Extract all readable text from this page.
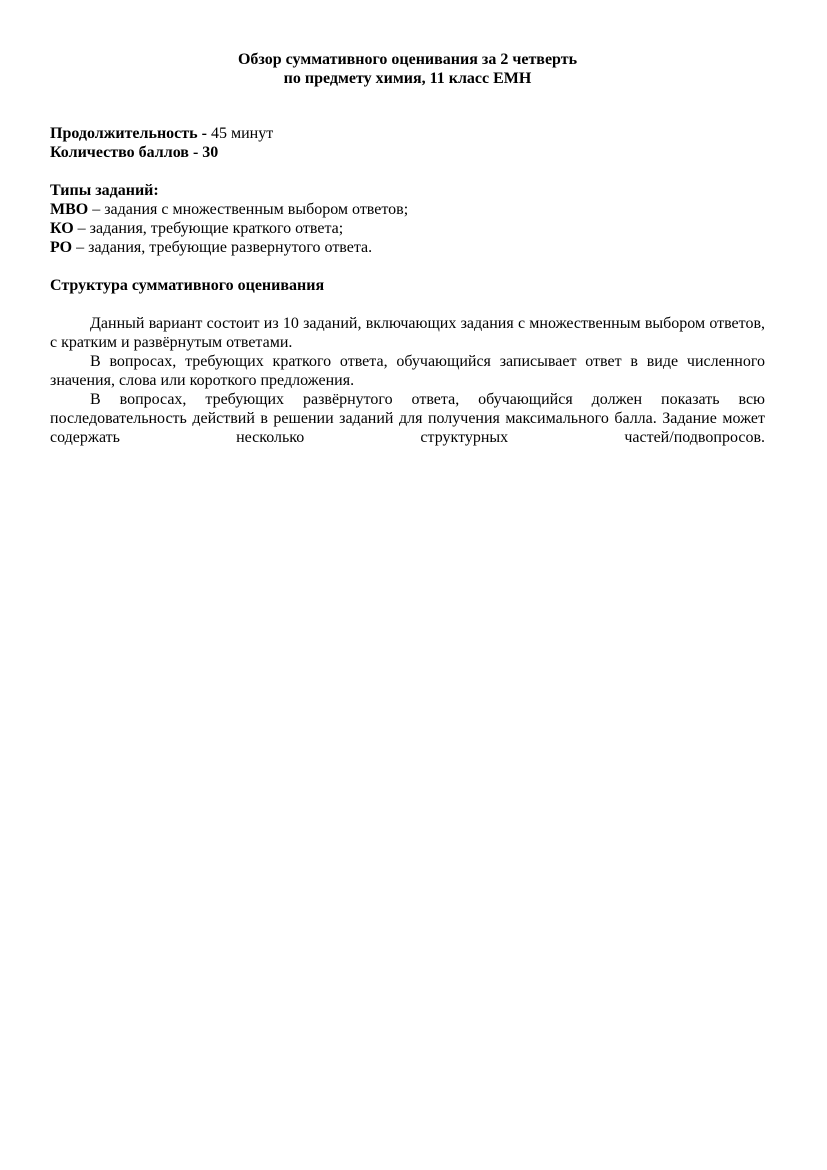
Обзор суммативного оценивания за 2 четверть
по предмету химия, 11 класс ЕМН
Продолжительность - 45 минут
Количество баллов - 30
Типы заданий:
МВО – задания с множественным выбором ответов;
КО – задания, требующие краткого ответа;
РО – задания, требующие развернутого ответа.
Структура суммативного оценивания

Данный вариант состоит из 10 заданий, включающих задания с множественным выбором ответов, с кратким и развёрнутым ответами.

В вопросах, требующих краткого ответа, обучающийся записывает ответ в виде численного значения, слова или короткого предложения.

В вопросах, требующих развёрнутого ответа, обучающийся должен показать всю последовательность действий в решении заданий для получения максимального балла. Задание может содержать несколько структурных частей/подвопросов.
